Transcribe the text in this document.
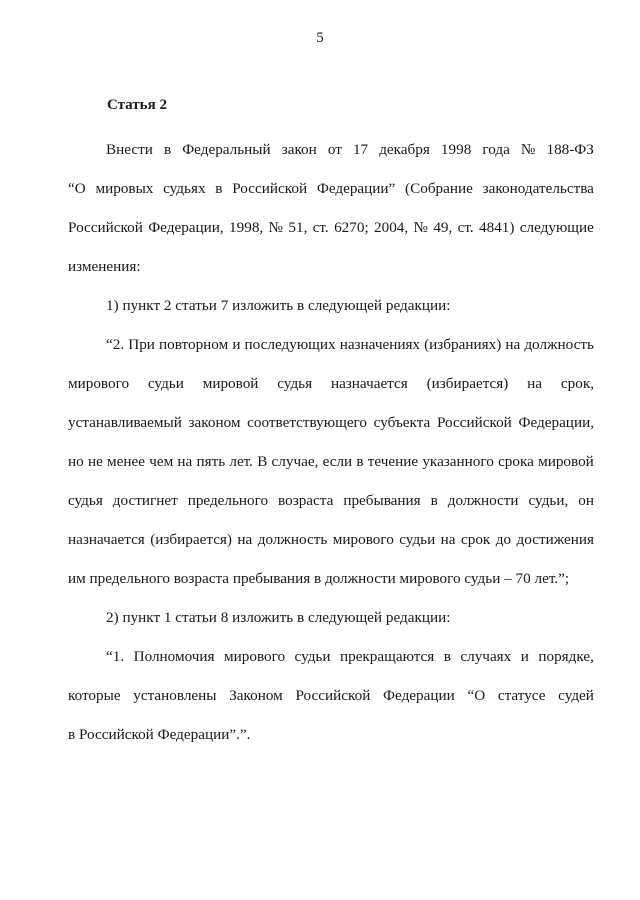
5
Статья 2
Внести в Федеральный закон от 17 декабря 1998 года № 188-ФЗ
“О мировых судьях в Российской Федерации” (Собрание законодательства
Российской Федерации, 1998, № 51, ст. 6270; 2004, № 49, ст. 4841) следующие
изменения:
1) пункт 2 статьи 7 изложить в следующей редакции:
“2. При повторном и последующих назначениях (избраниях) на должность
мирового судьи мировой судья назначается (избирается) на срок,
устанавливаемый законом соответствующего субъекта Российской Федерации,
но не менее чем на пять лет. В случае, если в течение указанного срока мировой
судья достигнет предельного возраста пребывания в должности судьи, он
назначается (избирается) на должность мирового судьи на срок до достижения
им предельного возраста пребывания в должности мирового судьи – 70 лет.”;
2) пункт 1 статьи 8 изложить в следующей редакции:
“1. Полномочия мирового судьи прекращаются в случаях и порядке,
которые установлены Законом Российской Федерации “О статусе судей
в Российской Федерации”.”.
